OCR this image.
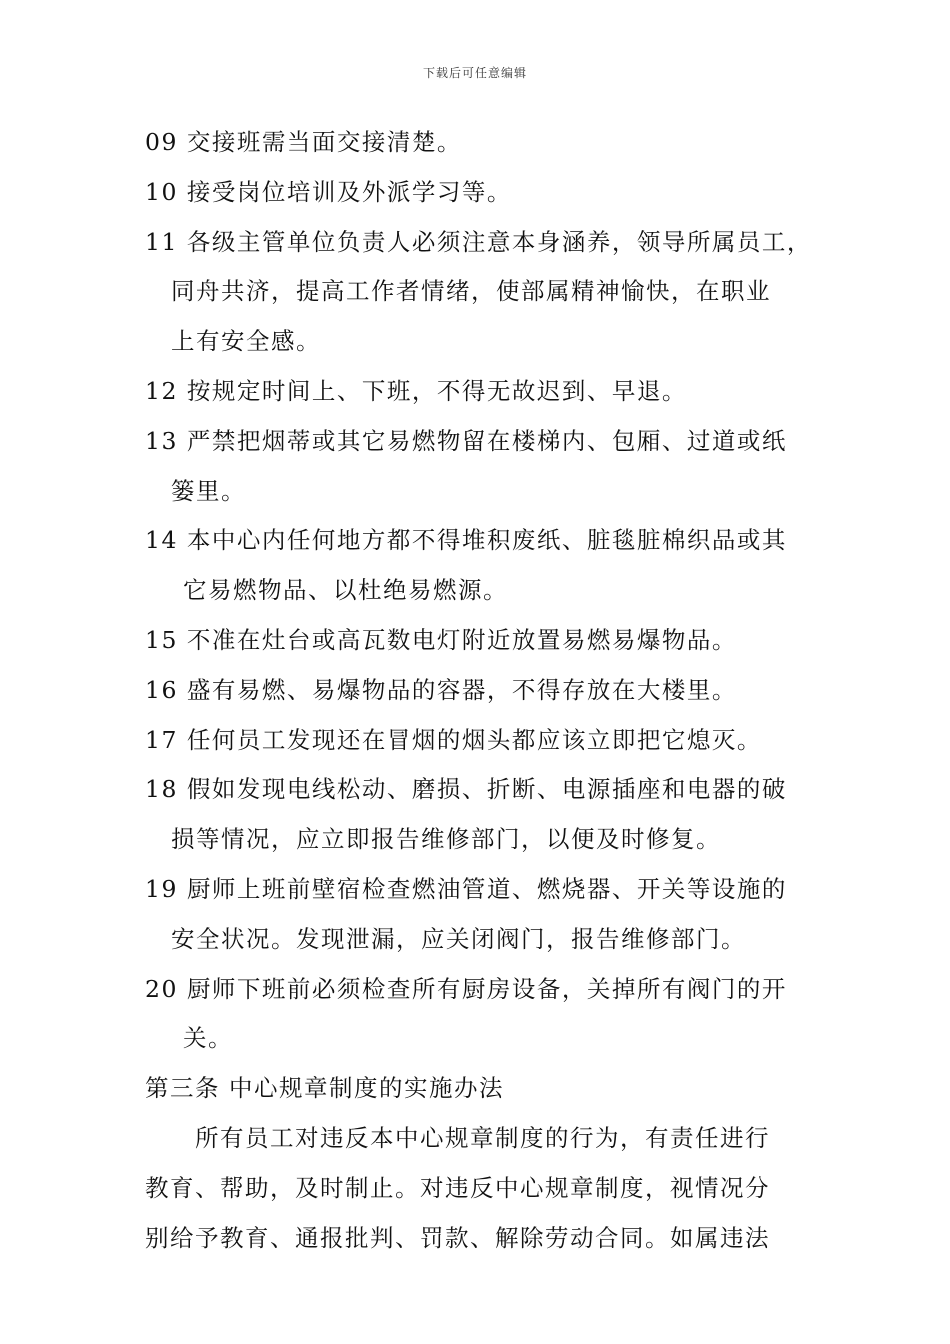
下载后可任意编辑
09 交接班需当面交接清楚。
10 接受岗位培训及外派学习等。
11 各级主管单位负责人必须注意本身涵养，领导所属员工，
同舟共济，提高工作者情绪，使部属精神愉快，在职业
上有安全感。
12 按规定时间上、下班，不得无故迟到、早退。
13 严禁把烟蒂或其它易燃物留在楼梯内、包厢、过道或纸
篓里。
14 本中心内任何地方都不得堆积废纸、脏毯脏棉织品或其
它易燃物品、以杜绝易燃源。
15 不准在灶台或高瓦数电灯附近放置易燃易爆物品。
16 盛有易燃、易爆物品的容器，不得存放在大楼里。
17 任何员工发现还在冒烟的烟头都应该立即把它熄灭。
18 假如发现电线松动、磨损、折断、电源插座和电器的破
损等情况，应立即报告维修部门，以便及时修复。
19 厨师上班前壁宿检查燃油管道、燃烧器、开关等设施的
安全状况。发现泄漏，应关闭阀门，报告维修部门。
20 厨师下班前必须检查所有厨房设备，关掉所有阀门的开
关。
第三条 中心规章制度的实施办法
所有员工对违反本中心规章制度的行为，有责任进行
教育、帮助，及时制止。对违反中心规章制度，视情况分
别给予教育、通报批判、罚款、解除劳动合同。如属违法
